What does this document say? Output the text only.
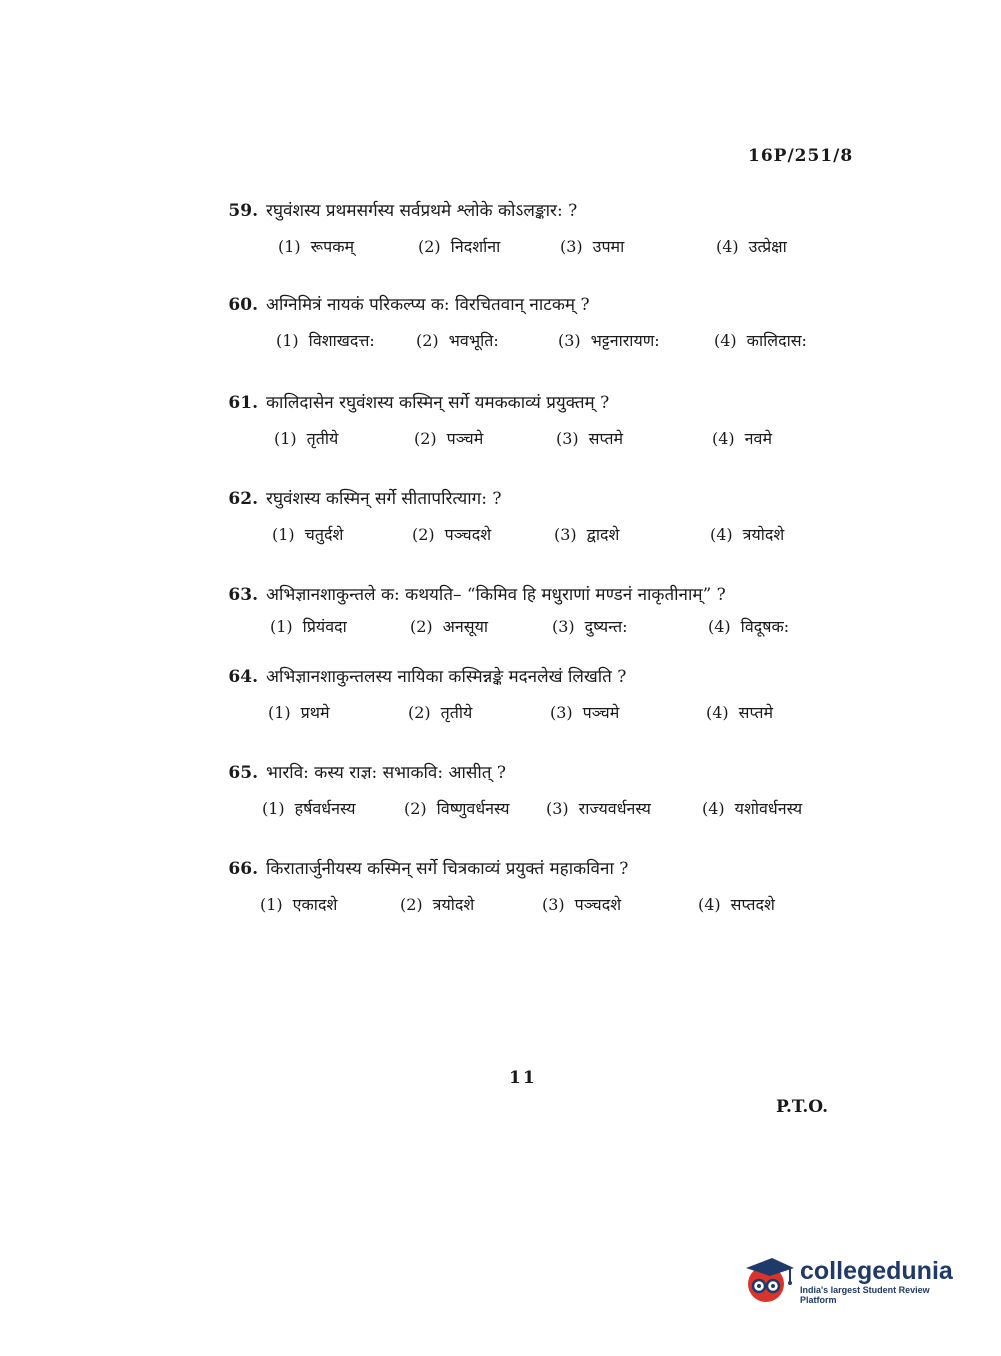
16P/251/8
59. रघुवंशस्य प्रथमसर्गस्य सर्वप्रथमे श्लोके कोऽलङ्कार: ?
(1) रूपकम्	(2) निदर्शाना	(3) उपमा	(4) उत्प्रेक्षा
60. अग्निमित्रं नायकं परिकल्प्य क: विरचितवान् नाटकम् ?
(1) विशाखदत्त:	(2) भवभूति:	(3) भट्टनारायण:	(4) कालिदास:
61. कालिदासेन रघुवंशस्य कस्मिन् सर्गे यमककाव्यं प्रयुक्तम् ?
(1) तृतीये	(2) पञ्चमे	(3) सप्तमे	(4) नवमे
62. रघुवंशस्य कस्मिन् सर्गे सीतापरित्याग: ?
(1) चतुर्दशे	(2) पञ्चदशे	(3) द्वादशे	(4) त्रयोदशे
63. अभिज्ञानशाकुन्तले क: कथयति– “किमिव हि मधुराणां मण्डनं नाकृतीनाम्” ?
(1) प्रियंवदा	(2) अनसूया	(3) दुष्यन्त:	(4) विदूषक:
64. अभिज्ञानशाकुन्तलस्य नायिका कस्मिन्नङ्के मदनलेखं लिखति ?
(1) प्रथमे	(2) तृतीये	(3) पञ्चमे	(4) सप्तमे
65. भारवि: कस्य राज्ञ: सभाकवि: आसीत् ?
(1) हर्षवर्धनस्य	(2) विष्णुवर्धनस्य (3) राज्यवर्धनस्य	(4) यशोवर्धनस्य
66. किरातार्जुनीयस्य कस्मिन् सर्गे चित्रकाव्यं प्रयुक्तं महाकविना ?
(1) एकादशे	(2) त्रयोदशे	(3) पञ्चदशे	(4) सप्तदशे
11
P.T.O.
collegedunia
India's largest Student Review Platform
